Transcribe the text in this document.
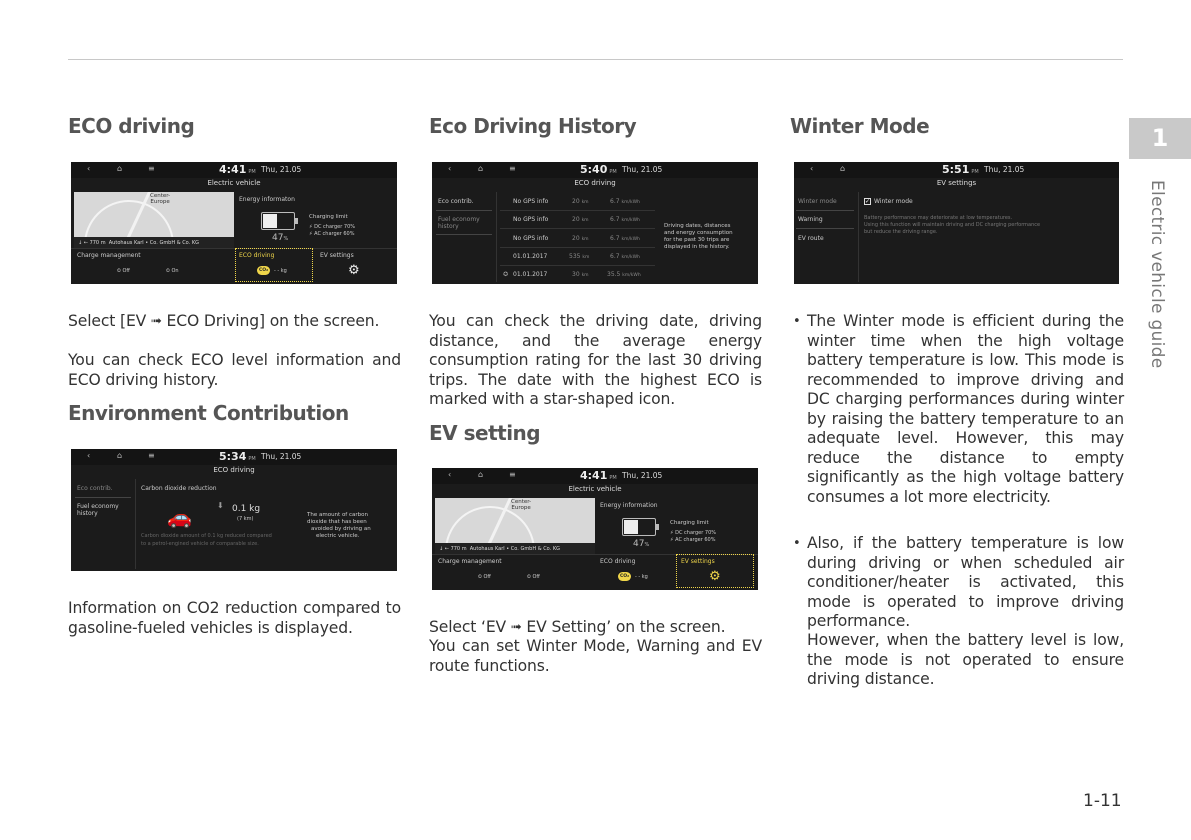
ECO driving
‹	⌂	≡	4:41 PM Thu, 21.05
Electric vehicle
Center-
Europe
↓ ← 770 m Autohaus Karl • Co. GmbH & Co. KG
Energy informaton
47%
Charging limit
⚡ DC charger 70%
⚡ AC charger 60%
Charge management
⏲ Off	⏲ On
ECO driving
CO₂	- - kg
EV settings
⚙
Select [EV ➟ ECO Driving] on the screen.
You can check ECO level information and ECO driving history.
Environment Contribution
‹	⌂	≡	5:34 PM Thu, 21.05
ECO driving
Eco contrib.
Fuel economy
history
Carbon dioxide reduction
🚗	⬇ 0.1 kg
(7 km)
Carbon dioxide amount of 0.1 kg reduced compared
to a petrol-engined vehicle of comparable size.
The amount of carbon
dioxide that has been
avoided by driving an
electric vehicle.
Information on CO2 reduction compared to gasoline-fueled vehicles is displayed.
Eco Driving History
‹	⌂	≡	5:40 PM Thu, 21.05
ECO driving
Eco contrib.
Fuel economy
history
No GPS info	20 km	6.7 km/kWh
No GPS info	20 km	6.7 km/kWh
No GPS info	20 km	6.7 km/kWh
01.01.2017	535 km	6.7 km/kWh
✪ 01.01.2017	30 km	35.5 km/kWh
Driving dates, distances
and energy consumption
for the past 30 trips are
displayed in the history.
You can check the driving date, driving distance, and the average energy consumption rating for the last 30 driving trips. The date with the highest ECO is marked with a star-shaped icon.
EV setting
‹	⌂	≡	4:41 PM Thu, 21.05
Electric vehicle
Center-
Europe
↓ ← 770 m Autohaus Karl • Co. GmbH & Co. KG
Energy information
47%
Charging limit
⚡ DC charger 70%
⚡ AC charger 60%
Charge management
⏲ Off	⏲ Off
ECO driving
CO₂	- - kg
EV settings
⚙
Select ‘EV ➟ EV Setting’ on the screen.
You can set Winter Mode, Warning and EV route functions.
Winter Mode
‹	⌂	5:51 PM Thu, 21.05
EV settings
Winter mode
Warning
EV route
✓ Winter mode
Battery performance may deteriorate at low temperatures.
Using this function will maintain driving and DC charging performance
but reduce the driving range.
• The Winter mode is efficient during the winter time when the high voltage battery temperature is low. This mode is recommended to improve driving and DC charging performances during winter by raising the battery temperature to an adequate level. However, this may reduce the distance to empty significantly as the high voltage battery consumes a lot more electricity.
• Also, if the battery temperature is low during driving or when scheduled air conditioner/heater is activated, this mode is operated to improve driving performance.
However, when the battery level is low, the mode is not operated to ensure driving distance.
1
Electric vehicle guide
1-11
